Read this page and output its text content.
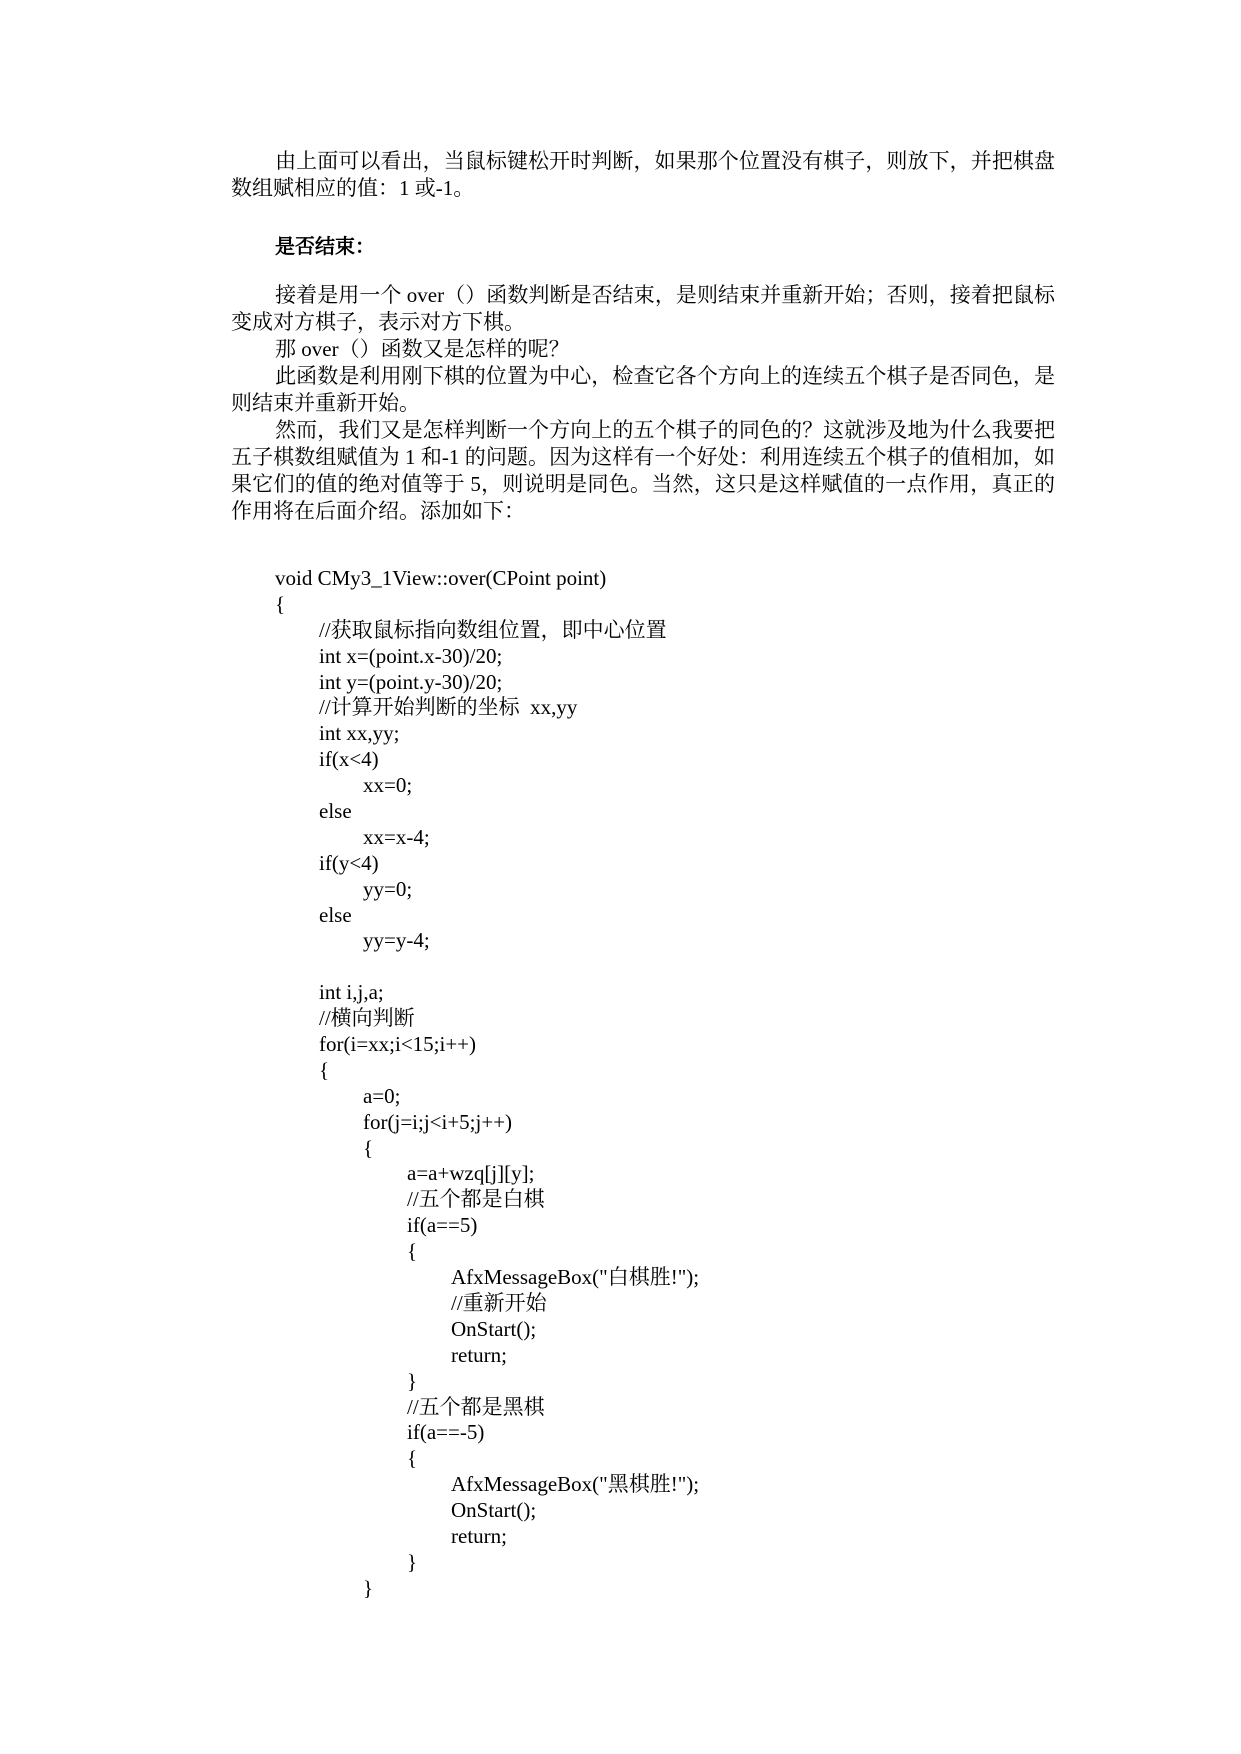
由上面可以看出，当鼠标键松开时判断，如果那个位置没有棋子，则放下，并把棋盘数组赋相应的值：1 或-1。

是否结束：

接着是用一个 over（）函数判断是否结束，是则结束并重新开始；否则，接着把鼠标变成对方棋子，表示对方下棋。

那 over（）函数又是怎样的呢？

此函数是利用刚下棋的位置为中心，检查它各个方向上的连续五个棋子是否同色，是则结束并重新开始。

然而，我们又是怎样判断一个方向上的五个棋子的同色的？这就涉及地为什么我要把五子棋数组赋值为 1 和-1 的问题。因为这样有一个好处：利用连续五个棋子的值相加，如果它们的值的绝对值等于 5，则说明是同色。当然，这只是这样赋值的一点作用，真正的作用将在后面介绍。添加如下：

void CMy3_1View::over(CPoint point)
{
//获取鼠标指向数组位置，即中心位置
int x=(point.x-30)/20;
int y=(point.y-30)/20;
//计算开始判断的坐标  xx,yy
int xx,yy;
if(x<4)
xx=0;
else
xx=x-4;
if(y<4)
yy=0;
else
yy=y-4;
int i,j,a;
//横向判断
for(i=xx;i<15;i++)
{
a=0;
for(j=i;j<i+5;j++)
{
a=a+wzq[j][y];
//五个都是白棋
if(a==5)
{
AfxMessageBox("白棋胜!");
//重新开始
OnStart();
return;
}
//五个都是黑棋
if(a==-5)
{
AfxMessageBox("黑棋胜!");
OnStart();
return;
}
}
